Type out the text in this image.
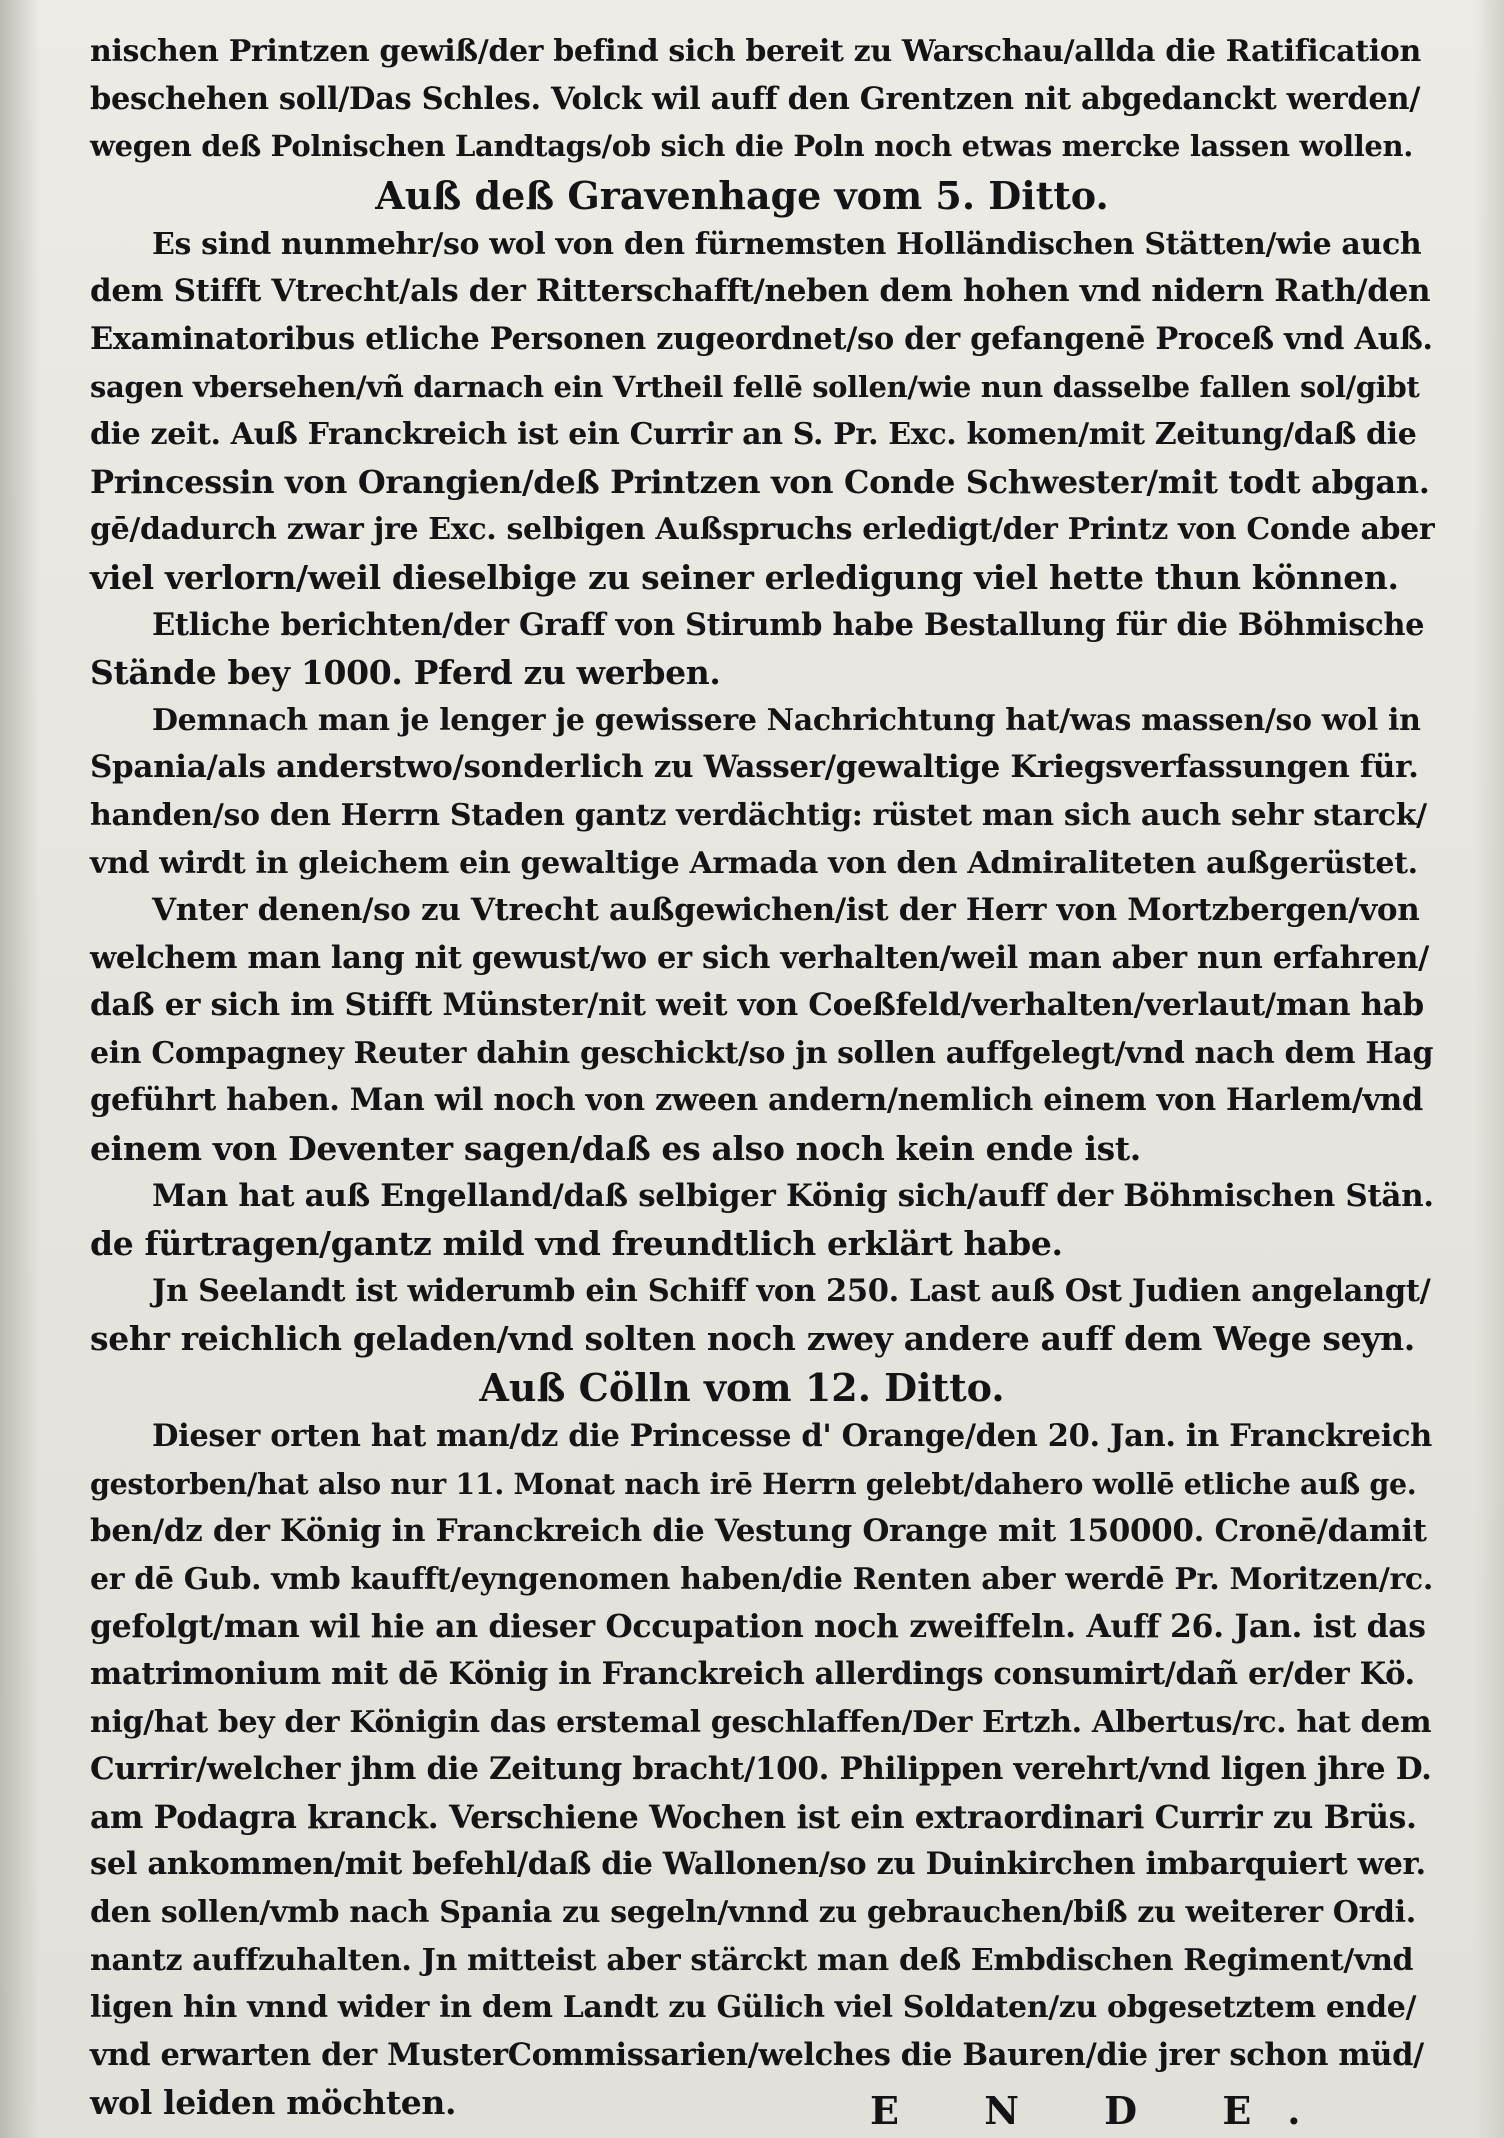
nischen Printzen gewiß/der befind sich bereit zu Warschau/allda die Ratification
beschehen soll/Das Schles. Volck wil auff den Grentzen nit abgedanckt werden/
wegen deß Polnischen Landtags/ob sich die Poln noch etwas mercke lassen wollen.
Auß deß Gravenhage vom 5. Ditto.
Es sind nunmehr/so wol von den fürnemsten Holländischen Stätten/wie auch
dem Stifft Vtrecht/als der Ritterschafft/neben dem hohen vnd nidern Rath/den
Examinatoribus etliche Personen zugeordnet/so der gefangenē Proceß vnd Auß.
sagen vbersehen/vñ darnach ein Vrtheil fellē sollen/wie nun dasselbe fallen sol/gibt
die zeit. Auß Franckreich ist ein Currir an S. Pr. Exc. komen/mit Zeitung/daß die
Princessin von Orangien/deß Printzen von Conde Schwester/mit todt abgan.
gē/dadurch zwar jre Exc. selbigen Außspruchs erledigt/der Printz von Conde aber
viel verlorn/weil dieselbige zu seiner erledigung viel hette thun können.
Etliche berichten/der Graff von Stirumb habe Bestallung für die Böhmische
Stände bey 1000. Pferd zu werben.
Demnach man je lenger je gewissere Nachrichtung hat/was massen/so wol in
Spania/als anderstwo/sonderlich zu Wasser/gewaltige Kriegsverfassungen für.
handen/so den Herrn Staden gantz verdächtig: rüstet man sich auch sehr starck/
vnd wirdt in gleichem ein gewaltige Armada von den Admiraliteten außgerüstet.
Vnter denen/so zu Vtrecht außgewichen/ist der Herr von Mortzbergen/von
welchem man lang nit gewust/wo er sich verhalten/weil man aber nun erfahren/
daß er sich im Stifft Münster/nit weit von Coeßfeld/verhalten/verlaut/man hab
ein Compagney Reuter dahin geschickt/so jn sollen auffgelegt/vnd nach dem Hag
geführt haben. Man wil noch von zween andern/nemlich einem von Harlem/vnd
einem von Deventer sagen/daß es also noch kein ende ist.
Man hat auß Engelland/daß selbiger König sich/auff der Böhmischen Stän.
de fürtragen/gantz mild vnd freundtlich erklärt habe.
Jn Seelandt ist widerumb ein Schiff von 250. Last auß Ost Judien angelangt/
sehr reichlich geladen/vnd solten noch zwey andere auff dem Wege seyn.
Auß Cölln vom 12. Ditto.
Dieser orten hat man/dz die Princesse d' Orange/den 20. Jan. in Franckreich
gestorben/hat also nur 11. Monat nach irē Herrn gelebt/dahero wollē etliche auß ge.
ben/dz der König in Franckreich die Vestung Orange mit 150000. Cronē/damit
er dē Gub. vmb kaufft/eyngenomen haben/die Renten aber werdē Pr. Moritzen/rc.
gefolgt/man wil hie an dieser Occupation noch zweiffeln. Auff 26. Jan. ist das
matrimonium mit dē König in Franckreich allerdings consumirt/dañ er/der Kö.
nig/hat bey der Königin das erstemal geschlaffen/Der Ertzh. Albertus/rc. hat dem
Currir/welcher jhm die Zeitung bracht/100. Philippen verehrt/vnd ligen jhre D.
am Podagra kranck. Verschiene Wochen ist ein extraordinari Currir zu Brüs.
sel ankommen/mit befehl/daß die Wallonen/so zu Duinkirchen imbarquiert wer.
den sollen/vmb nach Spania zu segeln/vnnd zu gebrauchen/biß zu weiterer Ordi.
nantz auffzuhalten. Jn mitteist aber stärckt man deß Embdischen Regiment/vnd
ligen hin vnnd wider in dem Landt zu Gülich viel Soldaten/zu obgesetztem ende/
vnd erwarten der MusterCommissarien/welches die Bauren/die jrer schon müd/
wol leiden möchten.	E N D E.
